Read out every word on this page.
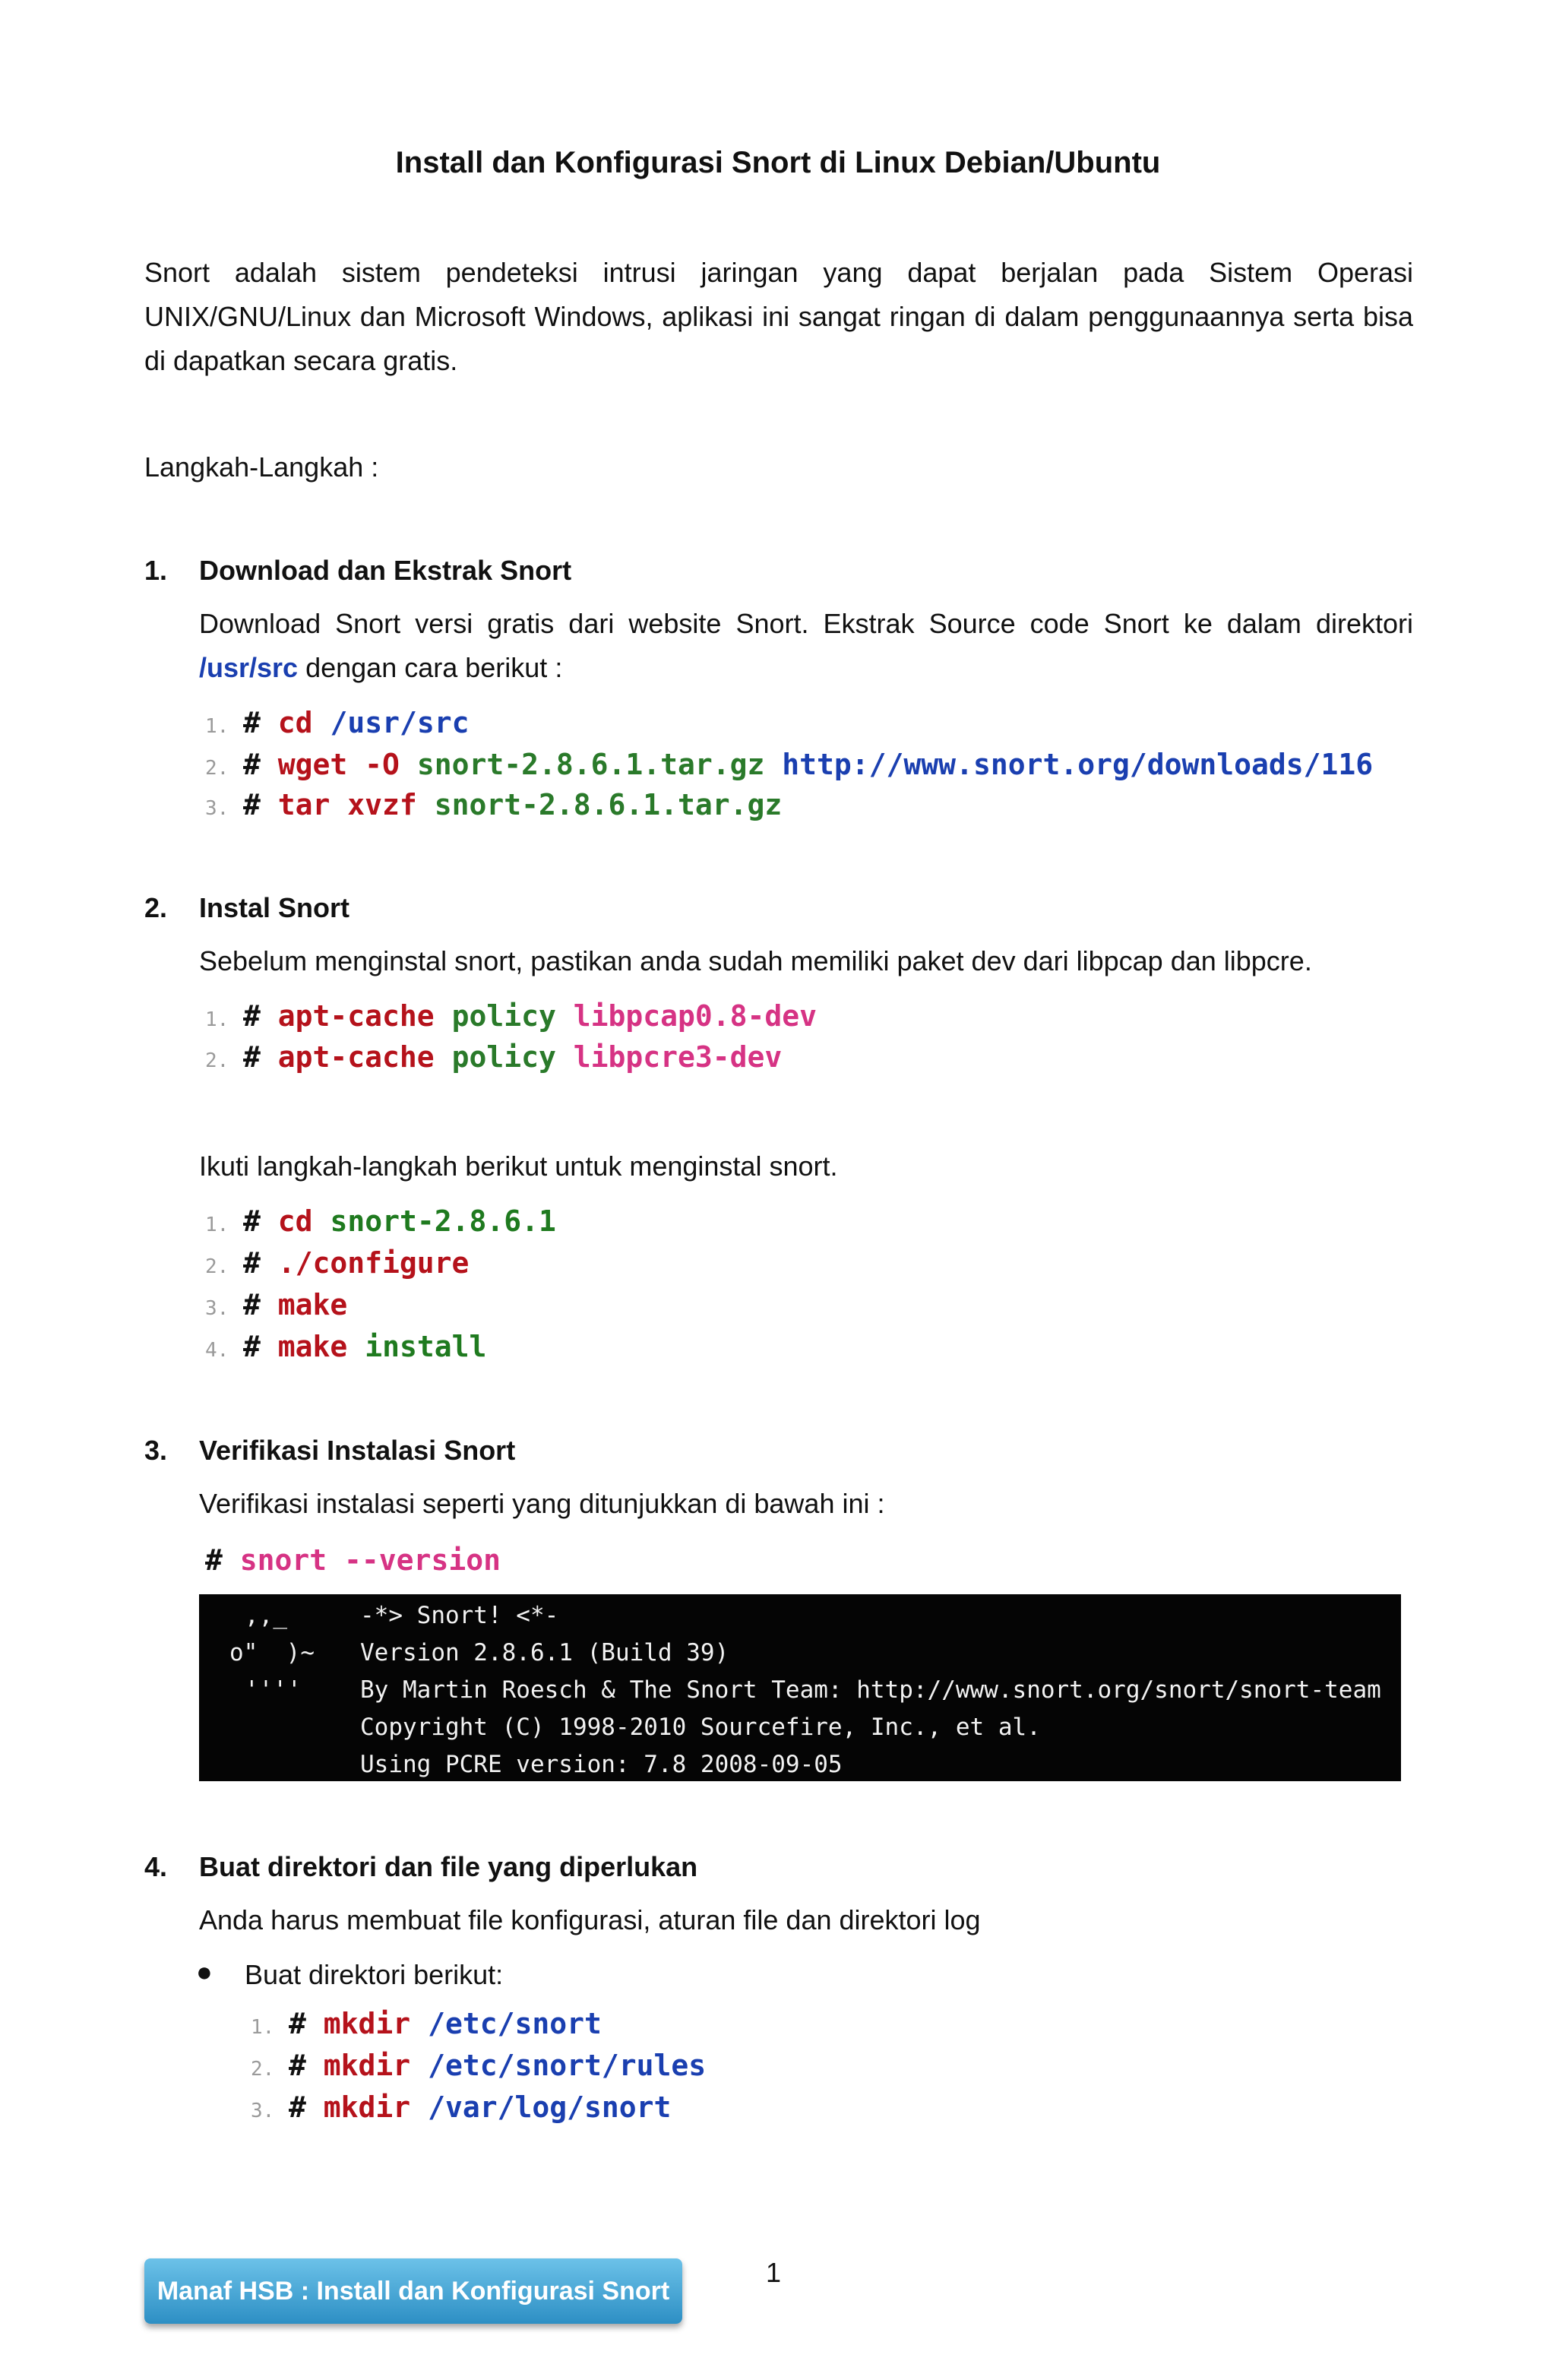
Install dan Konfigurasi Snort di Linux Debian/Ubuntu
Snort adalah sistem pendeteksi intrusi jaringan yang dapat berjalan pada Sistem Operasi UNIX/GNU/Linux dan Microsoft Windows, aplikasi ini sangat ringan di dalam penggunaannya serta bisa di dapatkan secara gratis.
Langkah-Langkah :
1. Download dan Ekstrak Snort
Download Snort versi gratis dari website Snort. Ekstrak Source code Snort ke dalam direktori /usr/src dengan cara berikut :
1. # cd /usr/src
2. # wget -O snort-2.8.6.1.tar.gz http://www.snort.org/downloads/116
3. # tar xvzf snort-2.8.6.1.tar.gz
2. Instal Snort
Sebelum menginstal snort, pastikan anda sudah memiliki paket dev dari libpcap dan libpcre.
1. # apt-cache policy libpcap0.8-dev
2. # apt-cache policy libpcre3-dev
Ikuti langkah-langkah berikut untuk menginstal snort.
1. # cd snort-2.8.6.1
2. # ./configure
3. # make
4. # make install
3. Verifikasi Instalasi Snort
Verifikasi instalasi seperti yang ditunjukkan di bawah ini :
# snort --version

,,_
o"  )~
''''

-*> Snort! <*-
Version 2.8.6.1 (Build 39)
By Martin Roesch & The Snort Team: http://www.snort.org/snort/snort-team
Copyright (C) 1998-2010 Sourcefire, Inc., et al.
Using PCRE version: 7.8 2008-09-05

4. Buat direktori dan file yang diperlukan
Anda harus membuat file konfigurasi, aturan file dan direktori log
● Buat direktori berikut:
1. # mkdir /etc/snort
2. # mkdir /etc/snort/rules
3. # mkdir /var/log/snort
1
Manaf HSB : Install dan Konfigurasi Snort
